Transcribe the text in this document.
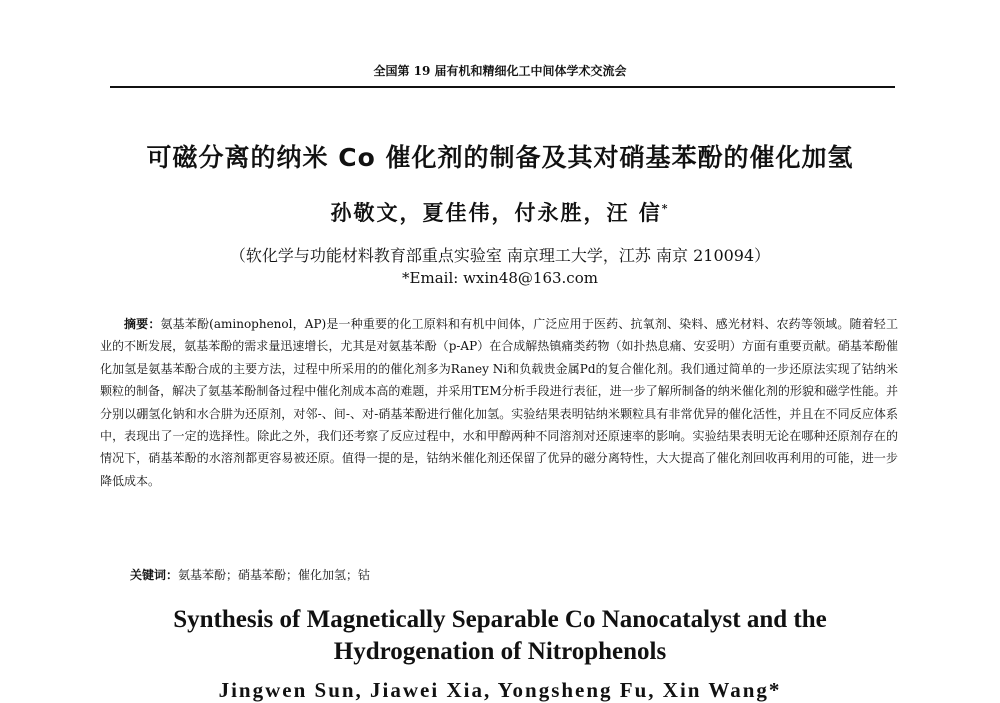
全国第 19 届有机和精细化工中间体学术交流会
可磁分离的纳米 Co 催化剂的制备及其对硝基苯酚的催化加氢
孙敬文，夏佳伟，付永胜，汪 信*
（软化学与功能材料教育部重点实验室 南京理工大学，江苏 南京 210094）
*Email: wxin48@163.com
摘要：氨基苯酚(aminophenol，AP)是一种重要的化工原料和有机中间体，广泛应用于医药、抗氧剂、染料、感光材料、农药等领域。随着轻工业的不断发展，氨基苯酚的需求量迅速增长，尤其是对氨基苯酚（p-AP）在合成解热镇痛类药物（如扑热息痛、安妥明）方面有重要贡献。硝基苯酚催化加氢是氨基苯酚合成的主要方法，过程中所采用的的催化剂多为Raney Ni和负载贵金属Pd的复合催化剂。我们通过简单的一步还原法实现了钴纳米颗粒的制备，解决了氨基苯酚制备过程中催化剂成本高的难题，并采用TEM分析手段进行表征，进一步了解所制备的纳米催化剂的形貌和磁学性能。并分别以硼氢化钠和水合肼为还原剂，对邻-、间-、对-硝基苯酚进行催化加氢。实验结果表明钴纳米颗粒具有非常优异的催化活性，并且在不同反应体系中，表现出了一定的选择性。除此之外，我们还考察了反应过程中，水和甲醇两种不同溶剂对还原速率的影响。实验结果表明无论在哪种还原剂存在的情况下，硝基苯酚的水溶剂都更容易被还原。值得一提的是，钴纳米催化剂还保留了优异的磁分离特性，大大提高了催化剂回收再利用的可能，进一步降低成本。
关键词：氨基苯酚；硝基苯酚；催化加氢；钴
Synthesis of Magnetically Separable Co Nanocatalyst and the
Hydrogenation of Nitrophenols
Jingwen Sun, Jiawei Xia, Yongsheng Fu, Xin Wang*
